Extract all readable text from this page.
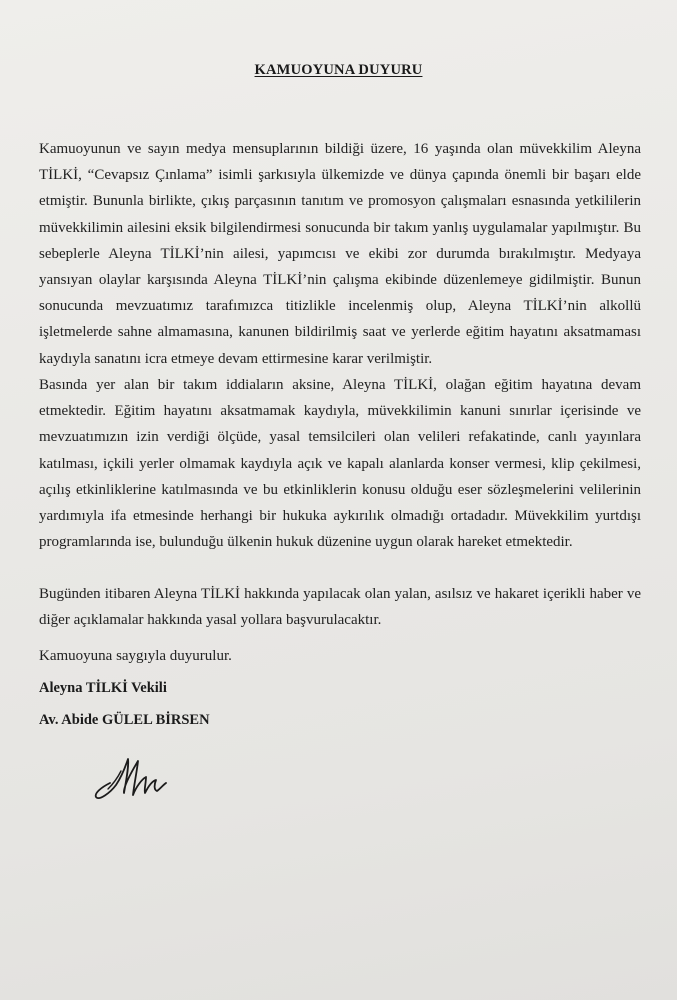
KAMUOYUNA DUYURU

Kamuoyunun ve sayın medya mensuplarının bildiği üzere, 16 yaşında olan müvekkilim Aleyna TİLKİ, “Cevapsız Çınlama” isimli şarkısıyla ülkemizde ve dünya çapında önemli bir başarı elde etmiştir. Bununla birlikte, çıkış parçasının tanıtım ve promosyon çalışmaları esnasında yetkililerin müvekkilimin ailesini eksik bilgilendirmesi sonucunda bir takım yanlış uygulamalar yapılmıştır. Bu sebeplerle Aleyna TİLKİ’nin ailesi, yapımcısı ve ekibi zor durumda bırakılmıştır. Medyaya yansıyan olaylar karşısında Aleyna TİLKİ’nin çalışma ekibinde düzenlemeye gidilmiştir. Bunun sonucunda mevzuatımız tarafımızca titizlikle incelenmiş olup, Aleyna TİLKİ’nin alkollü işletmelerde sahne almamasına, kanunen bildirilmiş saat ve yerlerde eğitim hayatını aksatmaması kaydıyla sanatını icra etmeye devam ettirmesine karar verilmiştir.

Basında yer alan bir takım iddiaların aksine, Aleyna TİLKİ, olağan eğitim hayatına devam etmektedir. Eğitim hayatını aksatmamak kaydıyla, müvekkilimin kanuni sınırlar içerisinde ve mevzuatımızın izin verdiği ölçüde, yasal temsilcileri olan velileri refakatinde, canlı yayınlara katılması, içkili yerler olmamak kaydıyla açık ve kapalı alanlarda konser vermesi, klip çekilmesi, açılış etkinliklerine katılmasında ve bu etkinliklerin konusu olduğu eser sözleşmelerini velilerinin yardımıyla ifa etmesinde herhangi bir hukuka aykırılık olmadığı ortadadır. Müvekkilim yurtdışı programlarında ise, bulunduğu ülkenin hukuk düzenine uygun olarak hareket etmektedir.

Bugünden itibaren Aleyna TİLKİ hakkında yapılacak olan yalan, asılsız ve hakaret içerikli haber ve diğer açıklamalar hakkında yasal yollara başvurulacaktır.

Kamuoyuna saygıyla duyurulur.

Aleyna TİLKİ Vekili
Av. Abide GÜLEL BİRSEN
